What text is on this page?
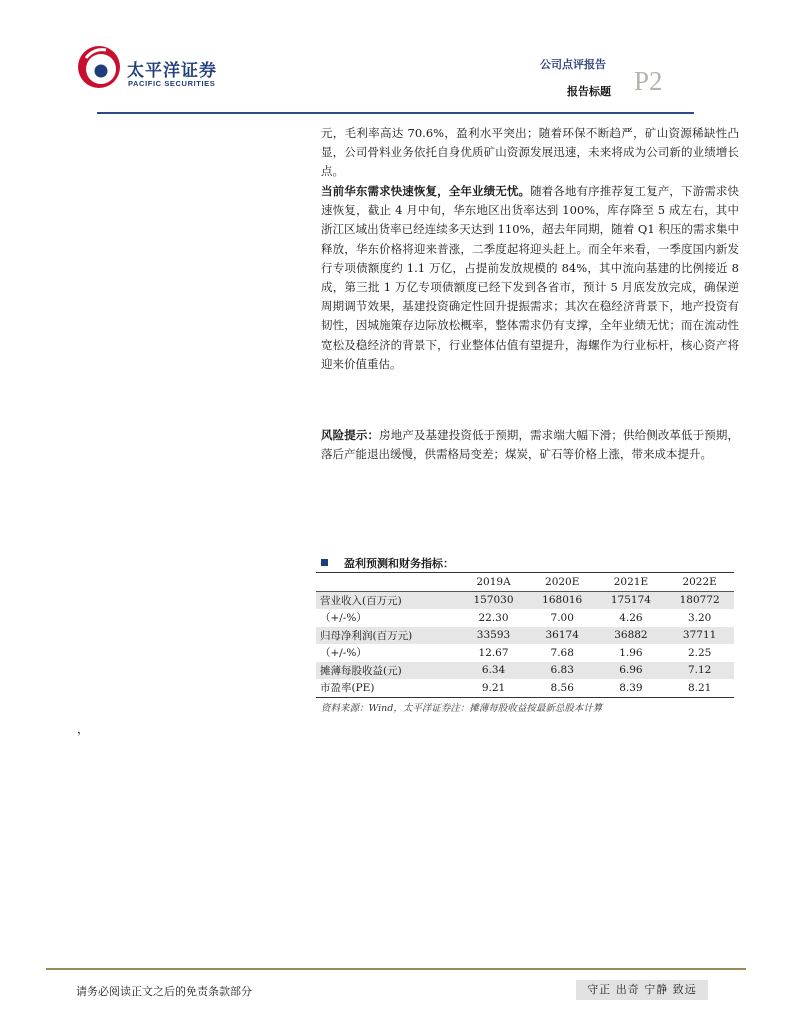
太平洋证券
PACIFIC SECURITIES
公司点评报告
报告标题 P2

元，毛利率高达 70.6%，盈利水平突出；随着环保不断趋严，矿山资源稀缺性凸显，公司骨料业务依托自身优质矿山资源发展迅速，未来将成为公司新的业绩增长点。

当前华东需求快速恢复，全年业绩无忧。随着各地有序推荐复工复产，下游需求快速恢复，截止 4 月中旬，华东地区出货率达到 100%，库存降至 5 成左右，其中浙江区域出货率已经连续多天达到 110%，超去年同期，随着 Q1 积压的需求集中释放，华东价格将迎来普涨，二季度起将迎头赶上。而全年来看，一季度国内新发行专项债额度约 1.1 万亿，占提前发放规模的 84%，其中流向基建的比例接近 8 成，第三批 1 万亿专项债额度已经下发到各省市，预计 5 月底发放完成，确保逆周期调节效果，基建投资确定性回升提振需求；其次在稳经济背景下，地产投资有韧性，因城施策存边际放松概率，整体需求仍有支撑，全年业绩无忧；而在流动性宽松及稳经济的背景下，行业整体估值有望提升，海螺作为行业标杆，核心资产将迎来价值重估。

风险提示：房地产及基建投资低于预期，需求端大幅下滑；供给侧改革低于预期，落后产能退出缓慢，供需格局变差；煤炭，矿石等价格上涨，带来成本提升。

盈利预测和财务指标：
	2019A	2020E	2021E	2022E
营业收入(百万元)	157030	168016	175174	180772
（+/-%）	22.30	7.00	4.26	3.20
归母净利润(百万元)	33593	36174	36882	37711
（+/-%）	12.67	7.68	1.96	2.25
摊薄每股收益(元)	6.34	6.83	6.96	7.12
市盈率(PE)	9.21	8.56	8.39	8.21
资料来源：Wind，太平洋证券注：摊薄每股收益按最新总股本计算
，
请务必阅读正文之后的免责条款部分	守正 出奇 宁静 致远
